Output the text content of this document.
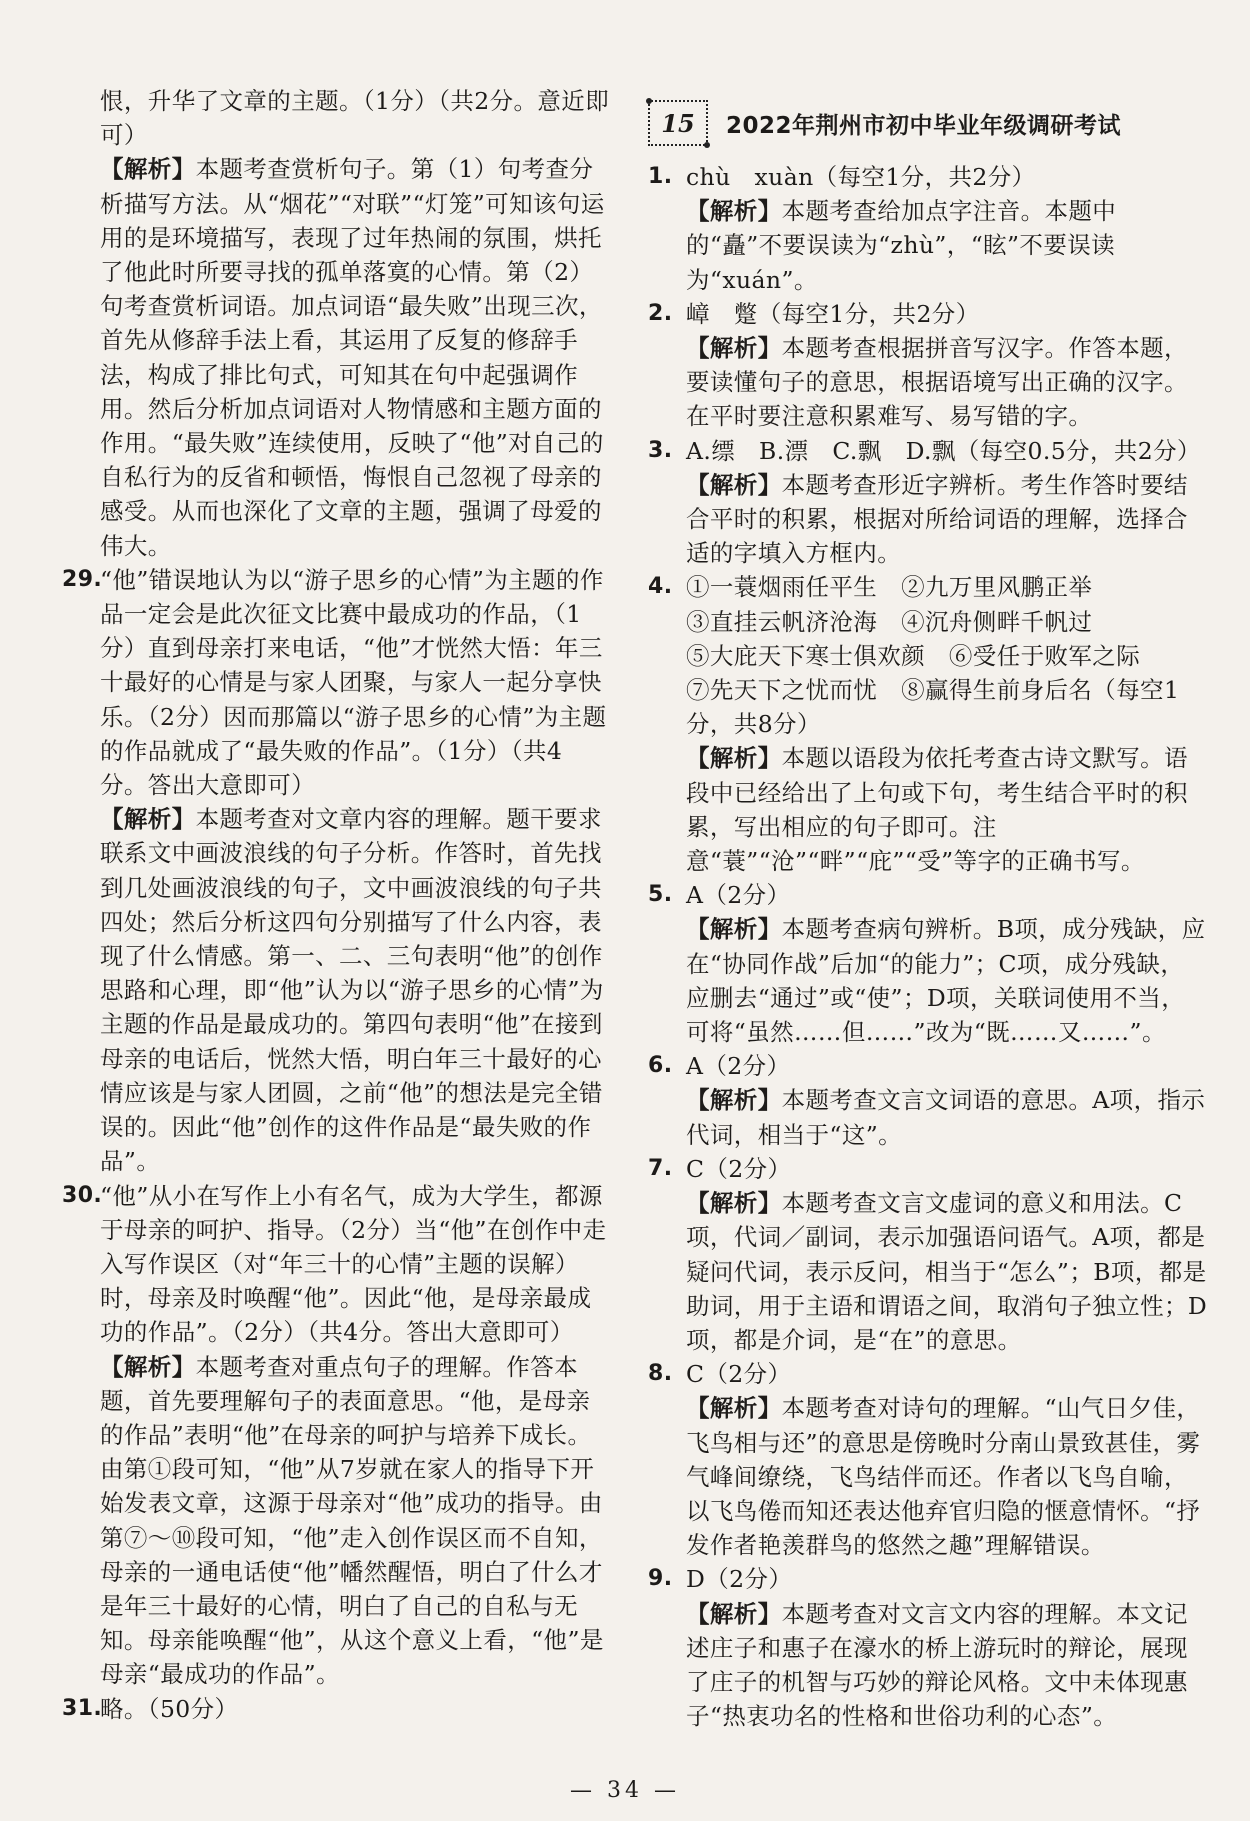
恨，升华了文章的主题。（1分）（共2分。意近即可）

【解析】本题考查赏析句子。第（1）句考查分析描写方法。从“烟花”“对联”“灯笼”可知该句运用的是环境描写，表现了过年热闹的氛围，烘托了他此时所要寻找的孤单落寞的心情。第（2）句考查赏析词语。加点词语“最失败”出现三次，首先从修辞手法上看，其运用了反复的修辞手法，构成了排比句式，可知其在句中起强调作用。然后分析加点词语对人物情感和主题方面的作用。“最失败”连续使用，反映了“他”对自己的自私行为的反省和顿悟，悔恨自己忽视了母亲的感受。从而也深化了文章的主题，强调了母爱的伟大。

29.

“他”错误地认为以“游子思乡的心情”为主题的作品一定会是此次征文比赛中最成功的作品，（1分）直到母亲打来电话，“他”才恍然大悟：年三十最好的心情是与家人团聚，与家人一起分享快乐。（2分）因而那篇以“游子思乡的心情”为主题的作品就成了“最失败的作品”。（1分）（共4分。答出大意即可）

【解析】本题考查对文章内容的理解。题干要求联系文中画波浪线的句子分析。作答时，首先找到几处画波浪线的句子，文中画波浪线的句子共四处；然后分析这四句分别描写了什么内容，表现了什么情感。第一、二、三句表明“他”的创作思路和心理，即“他”认为以“游子思乡的心情”为主题的作品是最成功的。第四句表明“他”在接到母亲的电话后，恍然大悟，明白年三十最好的心情应该是与家人团圆，之前“他”的想法是完全错误的。因此“他”创作的这件作品是“最失败的作品”。

30.

“他”从小在写作上小有名气，成为大学生，都源于母亲的呵护、指导。（2分）当“他”在创作中走入写作误区（对“年三十的心情”主题的误解）时，母亲及时唤醒“他”。因此“他，是母亲最成功的作品”。（2分）（共4分。答出大意即可）

【解析】本题考查对重点句子的理解。作答本题，首先要理解句子的表面意思。“他，是母亲的作品”表明“他”在母亲的呵护与培养下成长。由第①段可知，“他”从7岁就在家人的指导下开始发表文章，这源于母亲对“他”成功的指导。由第⑦～⑩段可知，“他”走入创作误区而不自知，母亲的一通电话使“他”幡然醒悟，明白了什么才是年三十最好的心情，明白了自己的自私与无知。母亲能唤醒“他”，从这个意义上看，“他”是母亲“最成功的作品”。

31.

略。（50分）

15 2022年荆州市初中毕业年级调研考试
1. chù　xuàn（每空1分，共2分）

【解析】本题考查给加点字注音。本题中的“矗”不要误读为“zhù”，“眩”不要误读为“xuán”。

2. 嶂　蹩（每空1分，共2分）

【解析】本题考查根据拼音写汉字。作答本题，要读懂句子的意思，根据语境写出正确的汉字。在平时要注意积累难写、易写错的字。

3. A.缥　B.漂　C.飘　D.飘（每空0.5分，共2分）

【解析】本题考查形近字辨析。考生作答时要结合平时的积累，根据对所给词语的理解，选择合适的字填入方框内。

4. ①一蓑烟雨任平生　②九万里风鹏正举

③直挂云帆济沧海　④沉舟侧畔千帆过

⑤大庇天下寒士俱欢颜　⑥受任于败军之际

⑦先天下之忧而忧　⑧赢得生前身后名（每空1分，共8分）

【解析】本题以语段为依托考查古诗文默写。语段中已经给出了上句或下句，考生结合平时的积累，写出相应的句子即可。注意“蓑”“沧”“畔”“庇”“受”等字的正确书写。

5. A（2分）

【解析】本题考查病句辨析。B项，成分残缺，应在“协同作战”后加“的能力”；C项，成分残缺，应删去“通过”或“使”；D项，关联词使用不当，可将“虽然……但……”改为“既……又……”。

6. A（2分）

【解析】本题考查文言文词语的意思。A项，指示代词，相当于“这”。

7. C（2分）

【解析】本题考查文言文虚词的意义和用法。C项，代词／副词，表示加强语问语气。A项，都是疑问代词，表示反问，相当于“怎么”；B项，都是助词，用于主语和谓语之间，取消句子独立性；D项，都是介词，是“在”的意思。

8. C（2分）

【解析】本题考查对诗句的理解。“山气日夕佳，飞鸟相与还”的意思是傍晚时分南山景致甚佳，雾气峰间缭绕，飞鸟结伴而还。作者以飞鸟自喻，以飞鸟倦而知还表达他弃官归隐的惬意情怀。“抒发作者艳羡群鸟的悠然之趣”理解错误。

9. D（2分）

【解析】本题考查对文言文内容的理解。本文记述庄子和惠子在濠水的桥上游玩时的辩论，展现了庄子的机智与巧妙的辩论风格。文中未体现惠子“热衷功名的性格和世俗功利的心态”。

— 34 —
